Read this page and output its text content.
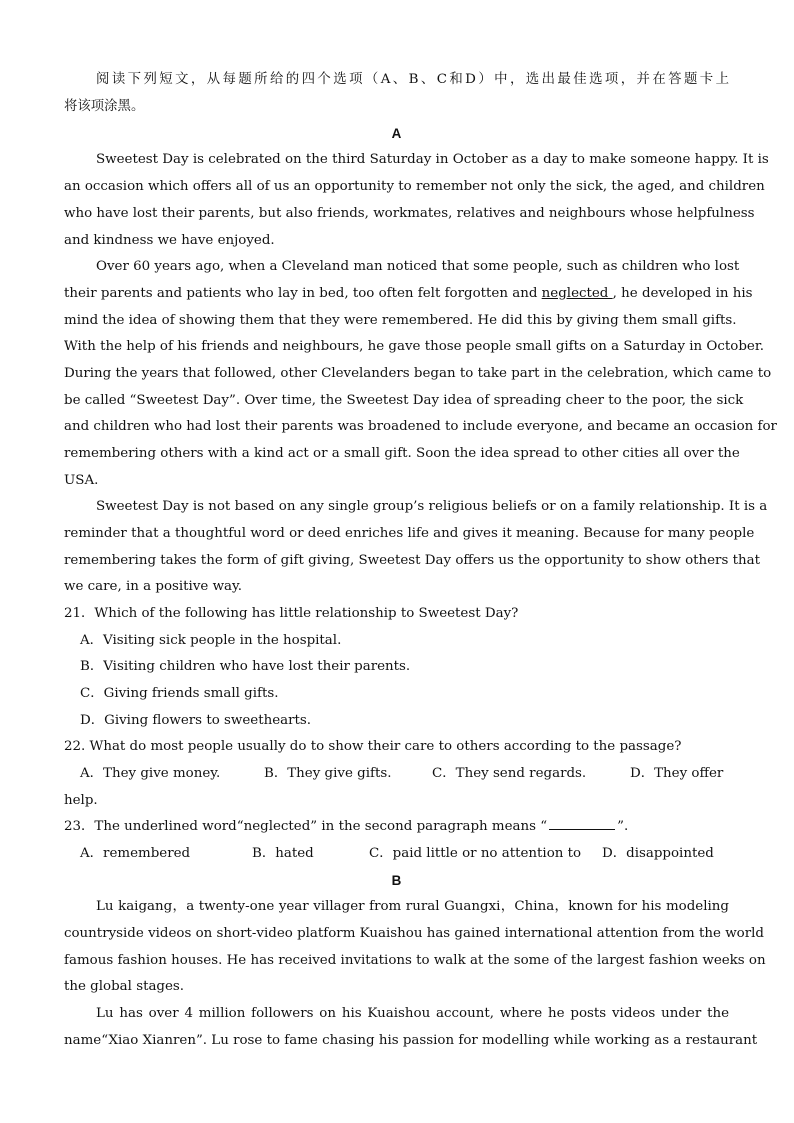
阅读下列短文，从每题所给的四个选项（A、B、C和D）中，选出最佳选项，并在答题卡上
将该项涂黑。
A
Sweetest Day is celebrated on the third Saturday in October as a day to make someone happy. It is
an occasion which offers all of us an opportunity to remember not only the sick, the aged, and children
who have lost their parents, but also friends, workmates, relatives and neighbours whose helpfulness
and kindness we have enjoyed.
Over 60 years ago, when a Cleveland man noticed that some people, such as children who lost
their parents and patients who lay in bed, too often felt forgotten and neglected , he developed in his
mind the idea of showing them that they were remembered. He did this by giving them small gifts.
With the help of his friends and neighbours, he gave those people small gifts on a Saturday in October.
During the years that followed, other Clevelanders began to take part in the celebration, which came to
be called “Sweetest Day”. Over time, the Sweetest Day idea of spreading cheer to the poor, the sick
and children who had lost their parents was broadened to include everyone, and became an occasion for
remembering others with a kind act or a small gift. Soon the idea spread to other cities all over the
USA.
Sweetest Day is not based on any single group’s religious beliefs or on a family relationship. It is a
reminder that a thoughtful word or deed enriches life and gives it meaning. Because for many people
remembering takes the form of gift giving, Sweetest Day offers us the opportunity to show others that
we care, in a positive way.
21．Which of the following has little relationship to Sweetest Day?
A．Visiting sick people in the hospital.
B．Visiting children who have lost their parents.
C．Giving friends small gifts.
D．Giving flowers to sweethearts.
22. What do most people usually do to show their care to others according to the passage?
A．They give money.	B．They give gifts.	C．They send regards.	D．They offer
help.
23．The underlined word“neglected” in the second paragraph means “	”.
A．remembered	B．hated	C．paid little or no attention to D．disappointed
B
Lu kaigang，a twenty-one year villager from rural Guangxi，China，known for his modeling
countryside videos on short-video platform Kuaishou has gained international attention from the world
famous fashion houses. He has received invitations to walk at the some of the largest fashion weeks on
the global stages.
Lu has over 4 million followers on his Kuaishou account, where he posts videos under the
name“Xiao Xianren”. Lu rose to fame chasing his passion for modelling while working as a restaurant
